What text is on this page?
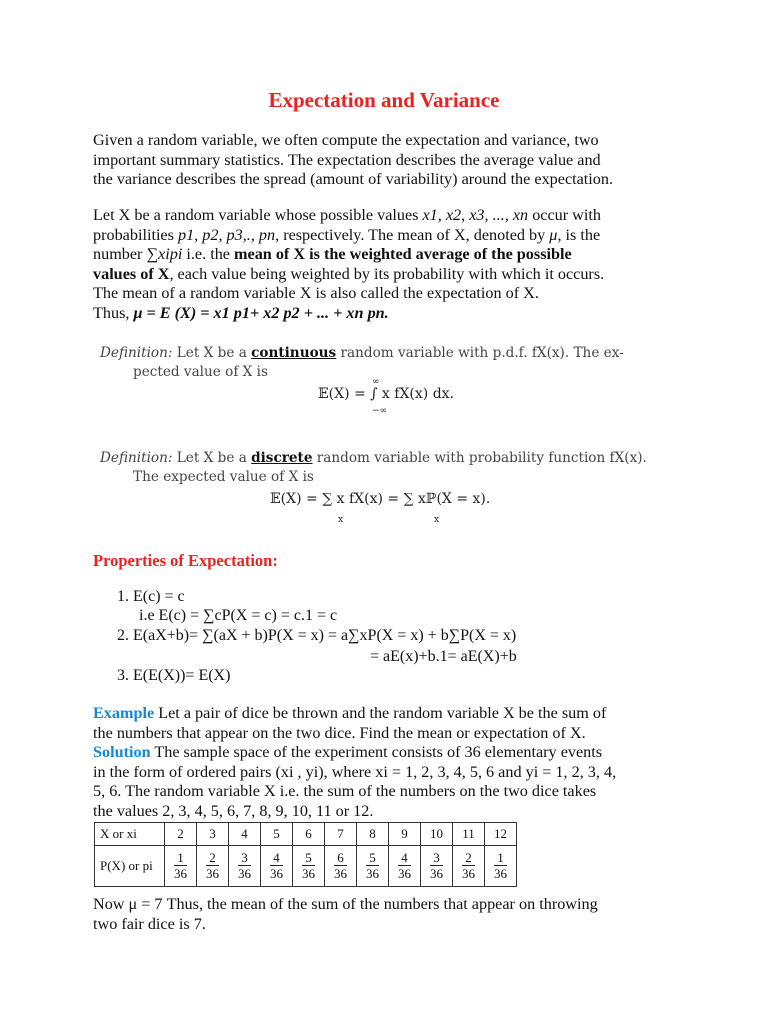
Expectation and Variance
Given a random variable, we often compute the expectation and variance, two
important summary statistics. The expectation describes the average value and
the variance describes the spread (amount of variability) around the expectation.
Let X be a random variable whose possible values x1, x2, x3, ..., xn occur with
probabilities p1, p2, p3,., pn, respectively. The mean of X, denoted by μ, is the
number ∑xipi i.e. the mean of X is the weighted average of the possible
values of X, each value being weighted by its probability with which it occurs.
The mean of a random variable X is also called the expectation of X.
Thus, μ = E (X) = x1 p1+ x2 p2 + ... + xn pn.
Definition: Let X be a continuous random variable with p.d.f. fX(x). The ex-
pected value of X is
𝔼(X) = ∫ x fX(x) dx.
∞
−∞
Definition: Let X be a discrete random variable with probability function fX(x).
The expected value of X is
𝔼(X) = ∑ x fX(x) = ∑ xℙ(X = x).
x	x
Properties of Expectation:
1. E(c) = c
i.e E(c) = ∑cP(X = c) = c.1 = c
2. E(aX+b)= ∑(aX + b)P(X = x) = a∑xP(X = x) + b∑P(X = x)
= aE(x)+b.1= aE(X)+b
3. E(E(X))= E(X)
Example Let a pair of dice be thrown and the random variable X be the sum of
the numbers that appear on the two dice. Find the mean or expectation of X.
Solution The sample space of the experiment consists of 36 elementary events
in the form of ordered pairs (xi , yi), where xi = 1, 2, 3, 4, 5, 6 and yi = 1, 2, 3, 4,
5, 6. The random variable X i.e. the sum of the numbers on the two dice takes
the values 2, 3, 4, 5, 6, 7, 8, 9, 10, 11 or 12.
X or xi	2	3	4	5	6	7	8	9	10	11	12
P(X) or pi	$\frac{1}{36}$	$\frac{2}{36}$	$\frac{3}{36}$	$\frac{4}{36}$	$\frac{5}{36}$	$\frac{6}{36}$	$\frac{5}{36}$	$\frac{4}{36}$	$\frac{3}{36}$	$\frac{2}{36}$	$\frac{1}{36}$
Now μ = 7 Thus, the mean of the sum of the numbers that appear on throwing
two fair dice is 7.
